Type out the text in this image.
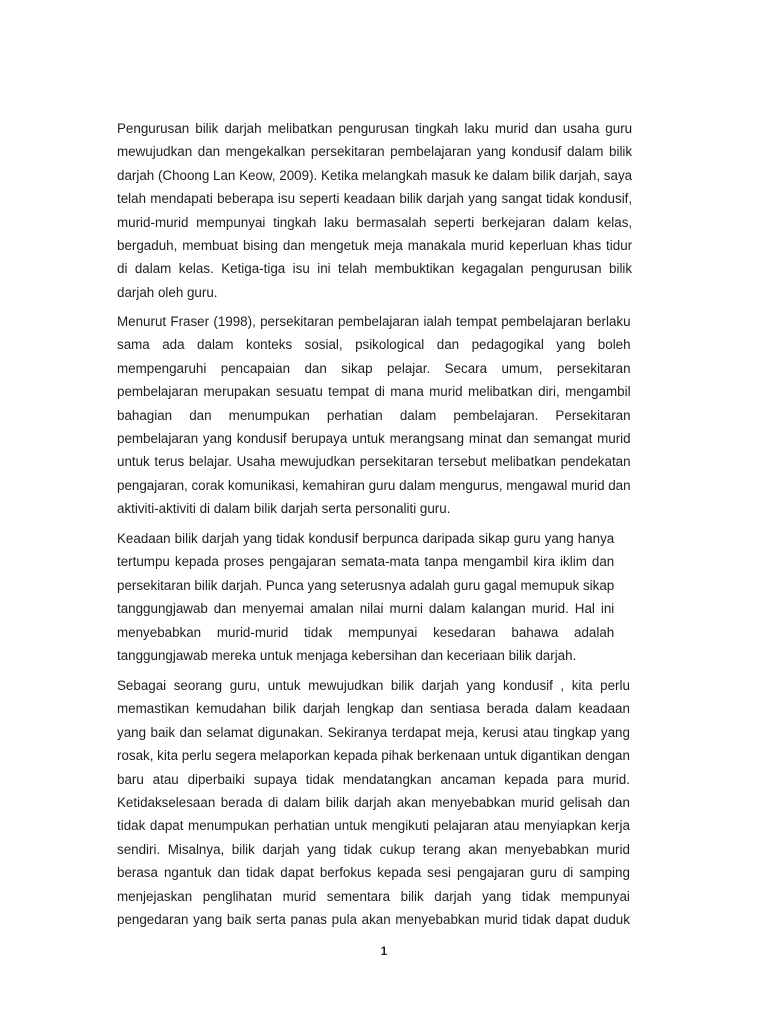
Pengurusan bilik darjah melibatkan pengurusan tingkah laku murid dan usaha guru
mewujudkan dan mengekalkan persekitaran pembelajaran yang kondusif dalam bilik
darjah (Choong Lan Keow, 2009). Ketika melangkah masuk ke dalam bilik darjah, saya
telah mendapati beberapa isu seperti keadaan bilik darjah yang sangat tidak kondusif,
murid-murid mempunyai tingkah laku bermasalah seperti berkejaran dalam kelas,
bergaduh, membuat bising dan mengetuk meja manakala murid keperluan khas tidur
di dalam kelas. Ketiga-tiga isu ini telah membuktikan kegagalan pengurusan bilik
darjah oleh guru.
Menurut Fraser (1998), persekitaran pembelajaran ialah tempat pembelajaran berlaku
sama ada dalam konteks sosial, psikological dan pedagogikal yang boleh
mempengaruhi pencapaian dan sikap pelajar. Secara umum, persekitaran
pembelajaran merupakan sesuatu tempat di mana murid melibatkan diri, mengambil
bahagian dan menumpukan perhatian dalam pembelajaran. Persekitaran
pembelajaran yang kondusif berupaya untuk merangsang minat dan semangat murid
untuk terus belajar. Usaha mewujudkan persekitaran tersebut melibatkan pendekatan
pengajaran, corak komunikasi, kemahiran guru dalam mengurus, mengawal murid dan
aktiviti-aktiviti di dalam bilik darjah serta personaliti guru.
Keadaan bilik darjah yang tidak kondusif berpunca daripada sikap guru yang hanya
tertumpu kepada proses pengajaran semata-mata tanpa mengambil kira iklim dan
persekitaran bilik darjah. Punca yang seterusnya adalah guru gagal memupuk sikap
tanggungjawab dan menyemai amalan nilai murni dalam kalangan murid. Hal ini
menyebabkan murid-murid tidak mempunyai kesedaran bahawa adalah
tanggungjawab mereka untuk menjaga kebersihan dan keceriaan bilik darjah.
Sebagai seorang guru, untuk mewujudkan bilik darjah yang kondusif , kita perlu
memastikan kemudahan bilik darjah lengkap dan sentiasa berada dalam keadaan
yang baik dan selamat digunakan. Sekiranya terdapat meja, kerusi atau tingkap yang
rosak, kita perlu segera melaporkan kepada pihak berkenaan untuk digantikan dengan
baru atau diperbaiki supaya tidak mendatangkan ancaman kepada para murid.
Ketidakselesaan berada di dalam bilik darjah akan menyebabkan murid gelisah dan
tidak dapat menumpukan perhatian untuk mengikuti pelajaran atau menyiapkan kerja
sendiri. Misalnya, bilik darjah yang tidak cukup terang akan menyebabkan murid
berasa ngantuk dan tidak dapat berfokus kepada sesi pengajaran guru di samping
menjejaskan penglihatan murid sementara bilik darjah yang tidak mempunyai
pengedaran yang baik serta panas pula akan menyebabkan murid tidak dapat duduk
1
